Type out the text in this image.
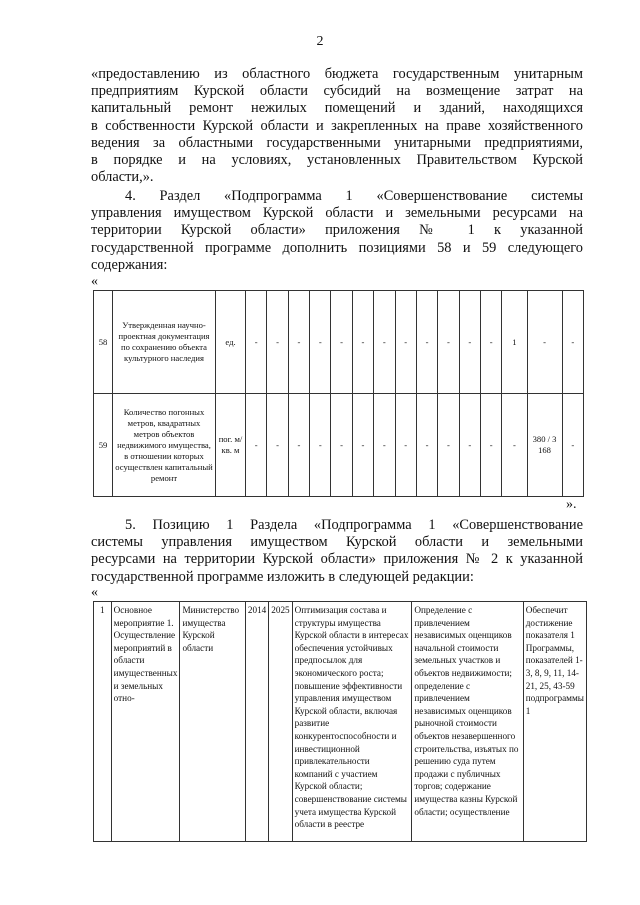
2
«предоставлению из областного бюджета государственным унитарным
предприятиям Курской области субсидий на возмещение затрат на
капитальный ремонт нежилых помещений и зданий, находящихся
в собственности Курской области и закрепленных на праве хозяйственного
ведения за областными государственными унитарными предприятиями,
в порядке и на условиях, установленных Правительством Курской
области,».
4. Раздел «Подпрограмма 1 «Совершенствование системы
управления имуществом Курской области и земельными ресурсами на
территории Курской области» приложения № 1 к указанной
государственной программе дополнить позициями 58 и 59 следующего
содержания:
«
58	Утвержденная научно-проектная документация по сохранению объекта культурного наследия	ед.	-	-	-	-	-	-	-	-	-	-	-	-	1	-	-
59	Количество погонных метров, квадратных метров объектов недвижимого имущества, в отношении которых осуществлен капитальный ремонт	пог. м/кв. м	-	-	-	-	-	-	-	-	-	-	-	-	-	380 / 3 168	-
».
5. Позицию 1 Раздела «Подпрограмма 1 «Совершенствование
системы управления имуществом Курской области и земельными
ресурсами на территории Курской области» приложения № 2 к указанной
государственной программе изложить в следующей редакции:
«
1	Основное мероприятие 1. Осуществление мероприятий в области имущественных и земельных отно-	Министерство имущества Курской области	2014	2025	Оптимизация состава и структуры имущества Курской области в интересах обеспечения устойчивых предпосылок для экономического роста; повышение эффективности управления имуществом Курской области, включая развитие конкурентоспособности и инвестиционной привлекательности компаний с участием Курской области; совершенствование системы учета имущества Курской области в реестре	Определение с привлечением независимых оценщиков начальной стоимости земельных участков и объектов недвижимости; определение с привлечением независимых оценщиков рыночной стоимости объектов незавершенного строительства, изъятых по решению суда путем продажи с публичных торгов; содержание имущества казны Курской области; осуществление	Обеспечит достижение показателя 1 Программы, показателей 1-3, 8, 9, 11, 14-21, 25, 43-59 подпрограммы 1
